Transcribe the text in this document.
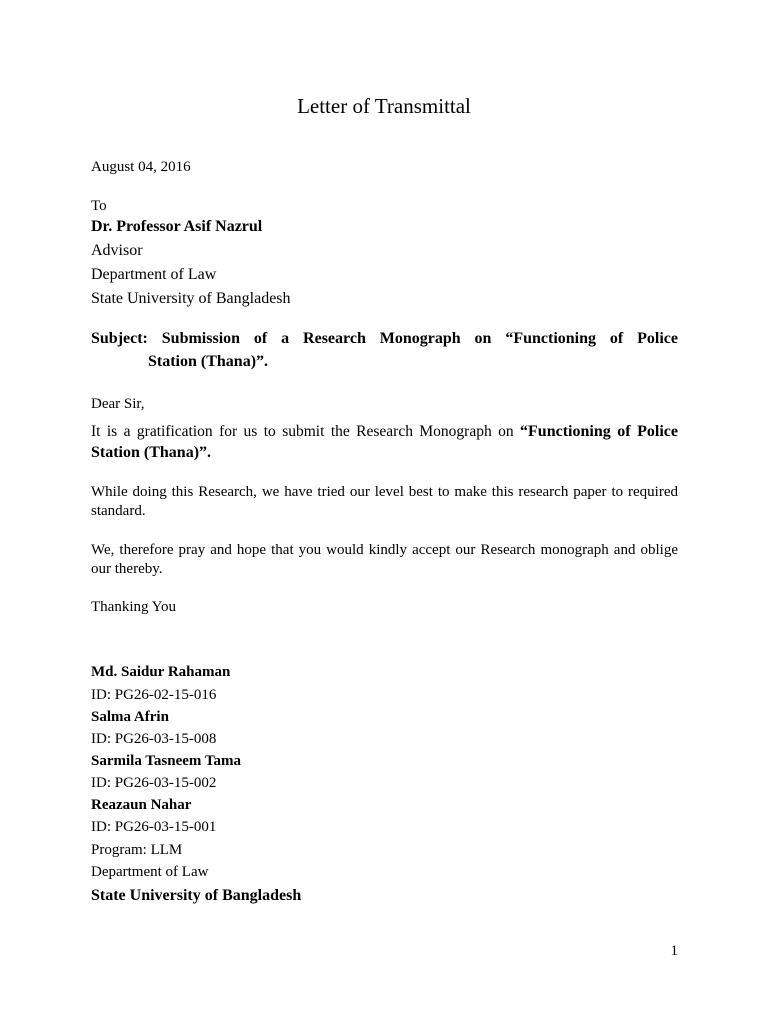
Letter of Transmittal
August 04, 2016
To
Dr. Professor Asif Nazrul
Advisor
Department of Law
State University of Bangladesh
Subject: Submission of a Research Monograph on “Functioning of Police
Station (Thana)”.
Dear Sir,
It is a gratification for us to submit the Research Monograph on “Functioning of Police Station (Thana)”.
While doing this Research, we have tried our level best to make this research paper to required standard.
We, therefore pray and hope that you would kindly accept our Research monograph and oblige our thereby.
Thanking You
Md. Saidur Rahaman
ID: PG26-02-15-016
Salma Afrin
ID: PG26-03-15-008
Sarmila Tasneem Tama
ID: PG26-03-15-002
Reazaun Nahar
ID: PG26-03-15-001
Program: LLM
Department of Law
State University of Bangladesh
1
